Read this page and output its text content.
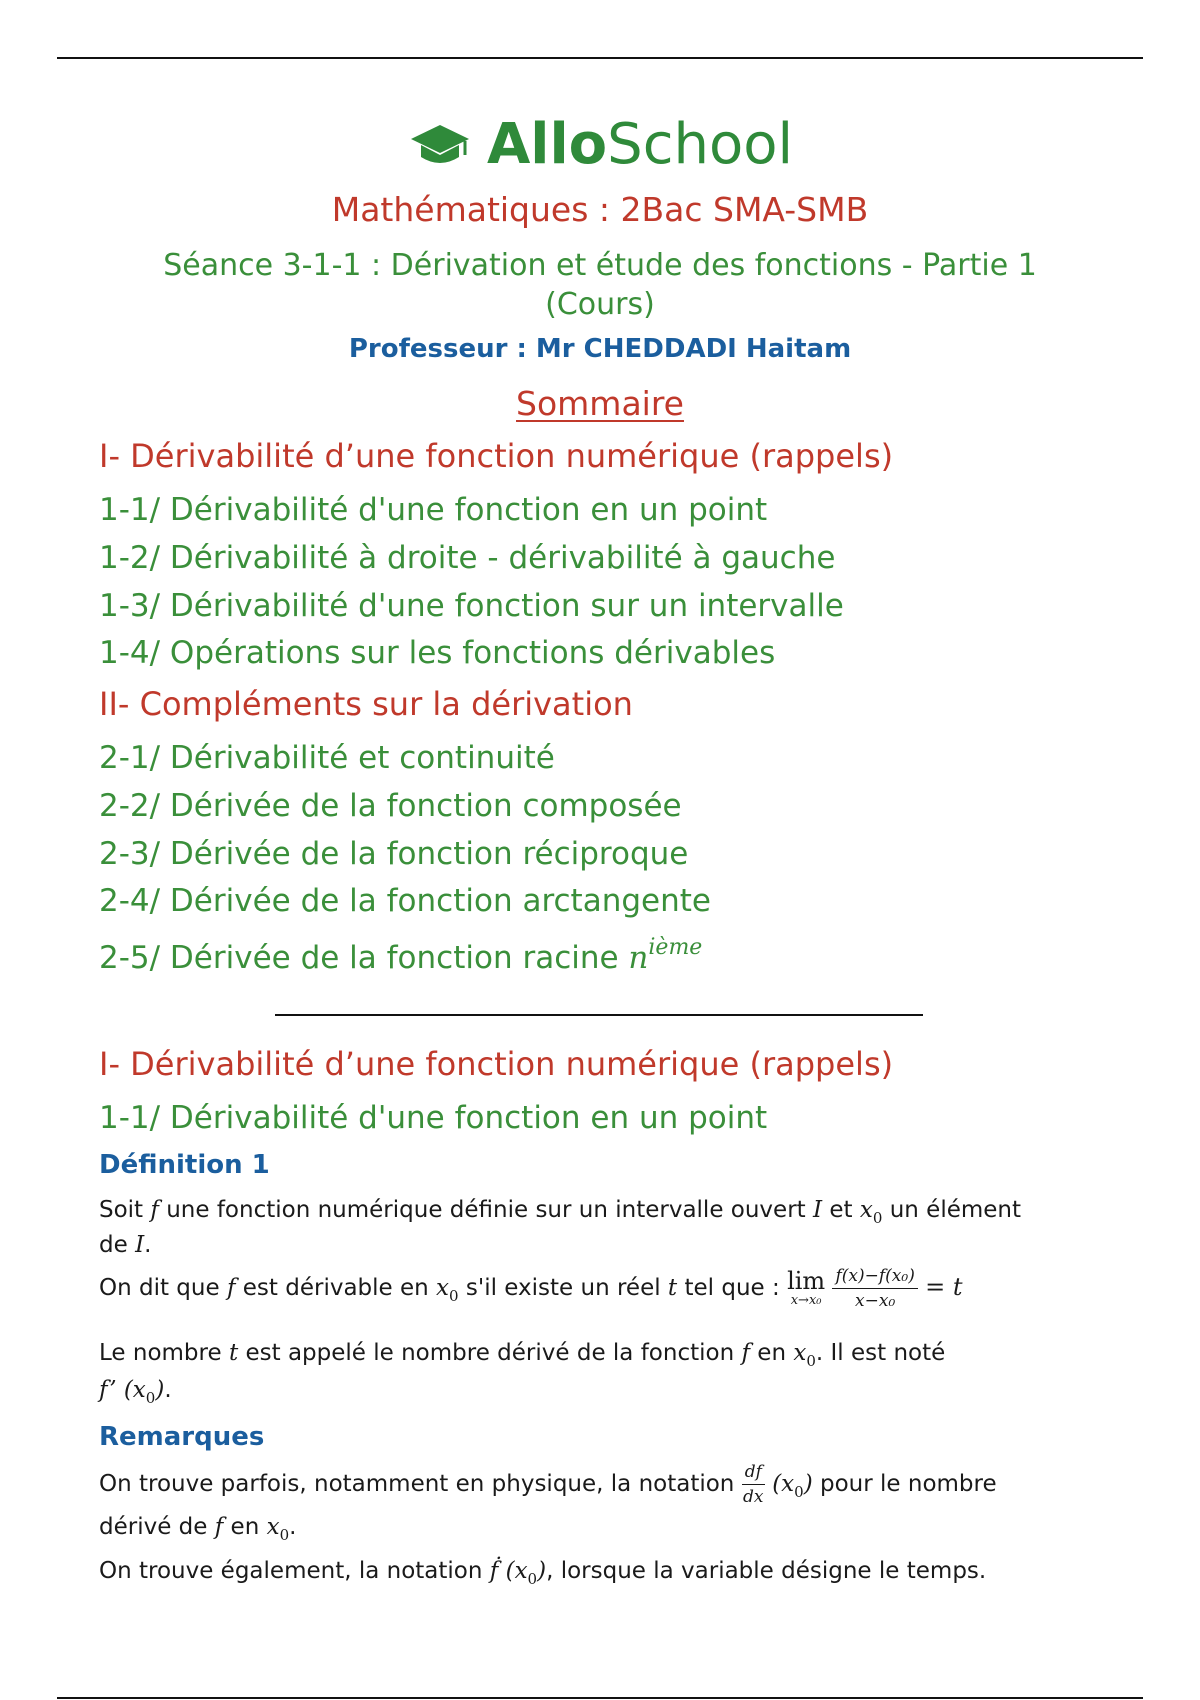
AlloSchool
Mathématiques : 2Bac SMA-SMB
Séance 3-1-1 : Dérivation et étude des fonctions - Partie 1
(Cours)
Professeur : Mr CHEDDADI Haitam
Sommaire
I- Dérivabilité d’une fonction numérique (rappels)
1-1/ Dérivabilité d'une fonction en un point
1-2/ Dérivabilité à droite - dérivabilité à gauche
1-3/ Dérivabilité d'une fonction sur un intervalle
1-4/ Opérations sur les fonctions dérivables
II- Compléments sur la dérivation
2-1/ Dérivabilité et continuité
2-2/ Dérivée de la fonction composée
2-3/ Dérivée de la fonction réciproque
2-4/ Dérivée de la fonction arctangente
2-5/ Dérivée de la fonction racine $n^{ième}$
I- Dérivabilité d’une fonction numérique (rappels)
1-1/ Dérivabilité d'une fonction en un point
Définition 1
Soit f une fonction numérique définie sur un intervalle ouvert I et $x_0$ un élément
de I.
On dit que f est dérivable en $x_0$ s'il existe un réel t tel que : lim
x→x₀
$\frac{\text{f(x)−f(x₀)}}{\text{x−x₀}} = t$
Le nombre t est appelé le nombre dérivé de la fonction f en $x_0$. Il est noté
f’ $(x_0)$.
Remarques
On trouve parfois, notamment en physique, la notation $\frac{df}{dx} (x_0)$ pour le nombre
dérivé de f en $x_0$.
On trouve également, la notation ḟ $(x_0)$, lorsque la variable désigne le temps.
